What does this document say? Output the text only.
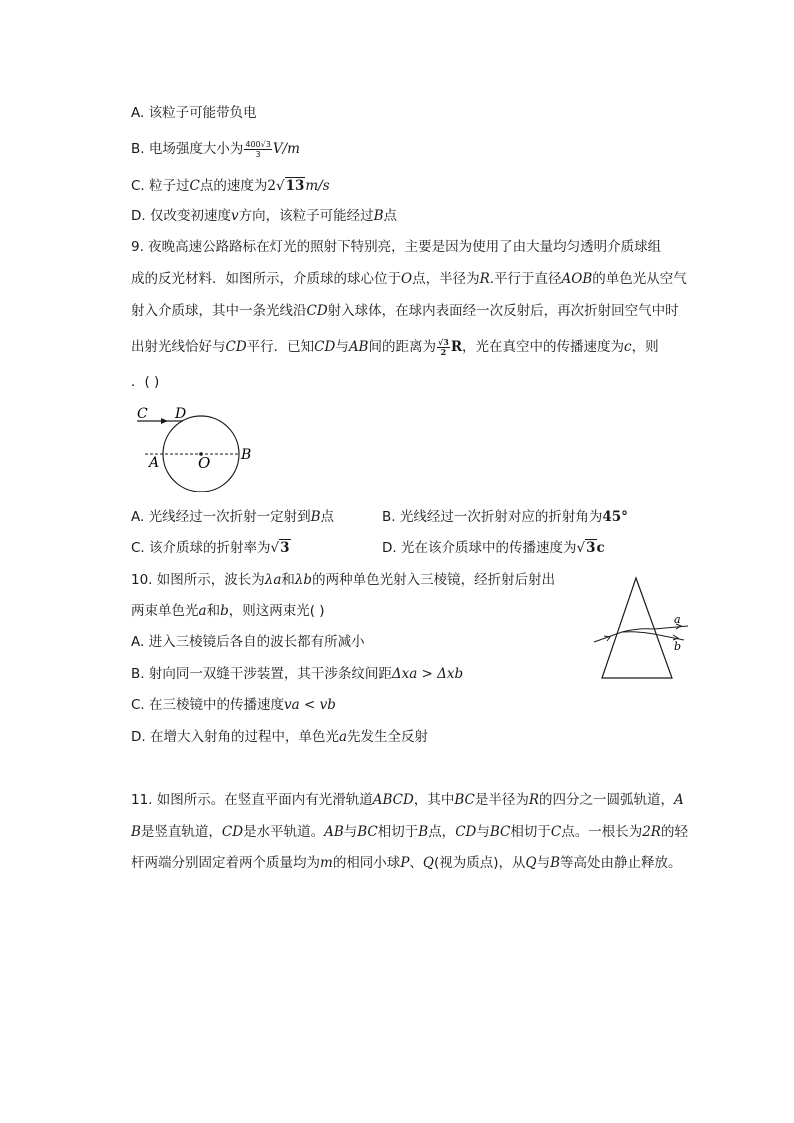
A. 该粒子可能带负电
B. 电场强度大小为 $\frac{400√3}{3} V/m$
C. 粒子过C点的速度为2√13m/s
D. 仅改变初速度v方向，该粒子可能经过B点
9. 夜晚高速公路路标在灯光的照射下特别亮，主要是因为使用了由大量均匀透明介质球组
成的反光材料．如图所示，介质球的球心位于O点，半径为R.平行于直径AOB的单色光从空气
射入介质球，其中一条光线沿CD射入球体，在球内表面经一次反射后，再次折射回空气中时
出射光线恰好与CD平行．已知CD与AB间的距离为 $\frac{√3}{2}$ R，光在真空中的传播速度为c，则
．( )
C D
A	O B
A. 光线经过一次折射一定射到B点	B. 光线经过一次折射对应的折射角为45°
C. 该介质球的折射率为√3	D. 光在该介质球中的传播速度为√3c
10. 如图所示，波长为λa和λb的两种单色光射入三棱镜，经折射后射出
两束单色光a和b，则这两束光( )
A. 进入三棱镜后各自的波长都有所减小
B. 射向同一双缝干涉装置，其干涉条纹间距Δxa > Δxb
C. 在三棱镜中的传播速度va < vb
D. 在增大入射角的过程中，单色光a先发生全反射
a
b
11. 如图所示。在竖直平面内有光滑轨道ABCD，其中BC是半径为R的四分之一圆弧轨道，A
B是竖直轨道，CD是水平轨道。AB与BC相切于B点，CD与BC相切于C点。一根长为2R的轻
杆两端分别固定着两个质量均为m的相同小球P、Q(视为质点)，从Q与B等高处由静止释放。
